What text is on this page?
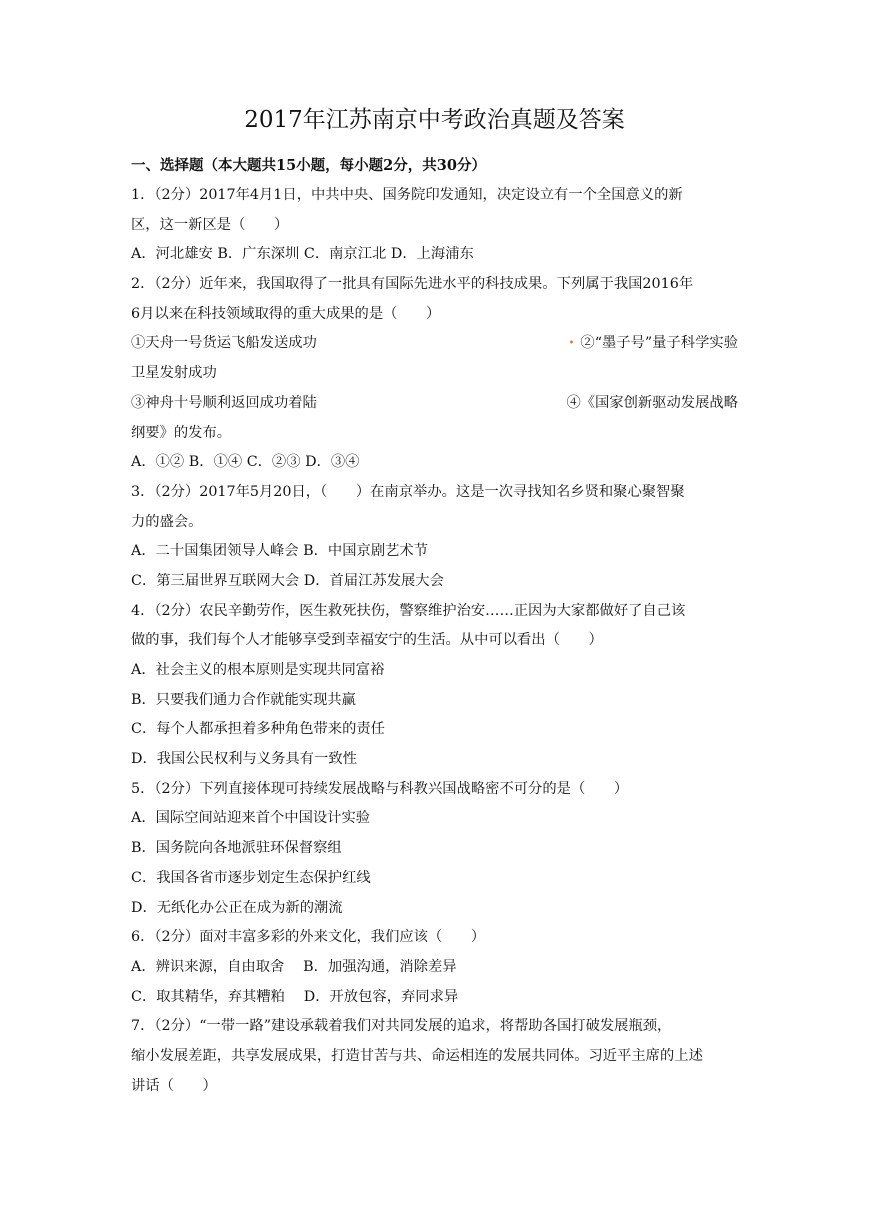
2017年江苏南京中考政治真题及答案
一、选择题（本大题共15小题，每小题2分，共30分）
1．（2分）2017年4月1日，中共中央、国务院印发通知，决定设立有一个全国意义的新
区，这一新区是（　　）
A．河北雄安 B．广东深圳 C．南京江北 D．上海浦东
2．（2分）近年来，我国取得了一批具有国际先进水平的科技成果。下列属于我国2016年
6月以来在科技领域取得的重大成果的是（　　）
①天舟一号货运飞船发送成功	• ②“墨子号”量子科学实验
卫星发射成功
③神舟十号顺利返回成功着陆	④《国家创新驱动发展战略
纲要》的发布。
A．①② B．①④ C．②③ D．③④
3．（2分）2017年5月20日，（　　）在南京举办。这是一次寻找知名乡贤和聚心聚智聚
力的盛会。
A．二十国集团领导人峰会 B．中国京剧艺术节
C．第三届世界互联网大会 D．首届江苏发展大会
4．（2分）农民辛勤劳作，医生救死扶伤，警察维护治安……正因为大家都做好了自己该
做的事，我们每个人才能够享受到幸福安宁的生活。从中可以看出（　　）
A．社会主义的根本原则是实现共同富裕
B．只要我们通力合作就能实现共赢
C．每个人都承担着多种角色带来的责任
D．我国公民权利与义务具有一致性
5．（2分）下列直接体现可持续发展战略与科教兴国战略密不可分的是（　　）
A．国际空间站迎来首个中国设计实验
B．国务院向各地派驻环保督察组
C．我国各省市逐步划定生态保护红线
D．无纸化办公正在成为新的潮流
6．（2分）面对丰富多彩的外来文化，我们应该（　　）
A．辨识来源，自由取舍　 B．加强沟通，消除差异
C．取其精华，弃其糟粕　 D．开放包容，弃同求异
7．（2分）“一带一路”建设承载着我们对共同发展的追求，将帮助各国打破发展瓶颈，
缩小发展差距，共享发展成果，打造甘苦与共、命运相连的发展共同体。习近平主席的上述
讲话（　　）
